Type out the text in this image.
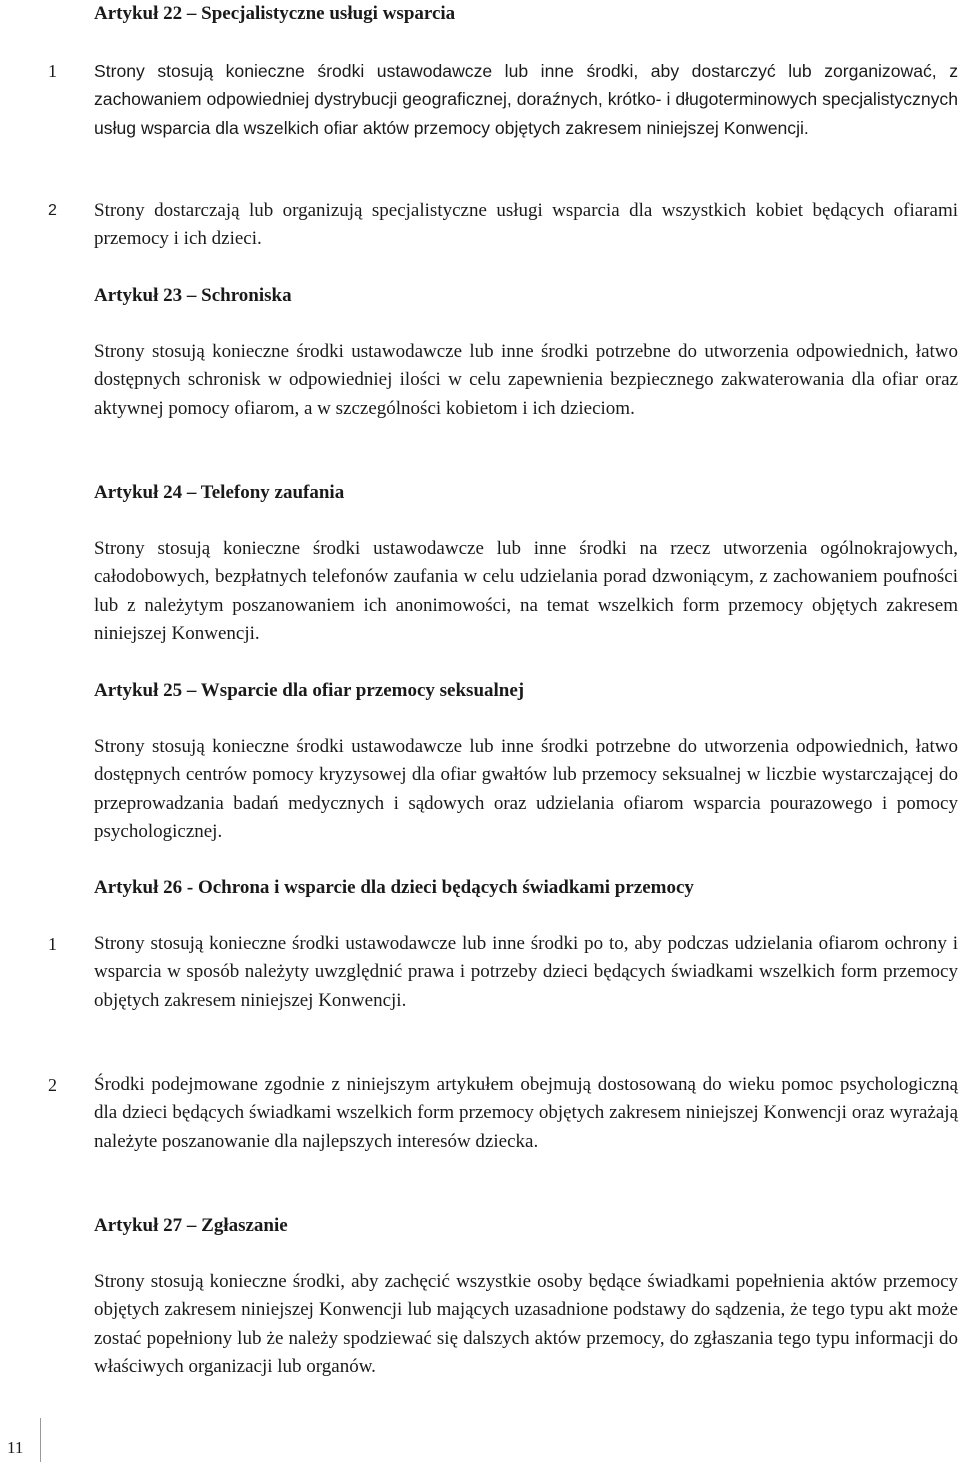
Artykuł 22 – Specjalistyczne usługi wsparcia
1	Strony stosują konieczne środki ustawodawcze lub inne środki, aby dostarczyć lub zorganizować, z zachowaniem odpowiedniej dystrybucji geograficznej, doraźnych, krótko- i długoterminowych specjalistycznych usług wsparcia dla wszelkich ofiar aktów przemocy objętych zakresem niniejszej Konwencji.
2	Strony dostarczają lub organizują specjalistyczne usługi wsparcia dla wszystkich kobiet będących ofiarami przemocy i ich dzieci.
Artykuł 23 – Schroniska
Strony stosują konieczne środki ustawodawcze lub inne środki potrzebne do utworzenia odpowiednich, łatwo dostępnych schronisk w odpowiedniej ilości w celu zapewnienia bezpiecznego zakwaterowania dla ofiar oraz aktywnej pomocy ofiarom, a w szczególności kobietom i ich dzieciom.
Artykuł 24 – Telefony zaufania
Strony stosują konieczne środki ustawodawcze lub inne środki na rzecz utworzenia ogólnokrajowych, całodobowych, bezpłatnych telefonów zaufania w celu udzielania porad dzwoniącym, z zachowaniem poufności lub z należytym poszanowaniem ich anonimowości, na temat wszelkich form przemocy objętych zakresem niniejszej Konwencji.
Artykuł 25 – Wsparcie dla ofiar przemocy seksualnej
Strony stosują konieczne środki ustawodawcze lub inne środki potrzebne do utworzenia odpowiednich, łatwo dostępnych centrów pomocy kryzysowej dla ofiar gwałtów lub przemocy seksualnej w liczbie wystarczającej do przeprowadzania badań medycznych i sądowych oraz udzielania ofiarom wsparcia pourazowego i pomocy psychologicznej.
Artykuł 26 - Ochrona i wsparcie dla dzieci będących świadkami przemocy
1	Strony stosują konieczne środki ustawodawcze lub inne środki po to, aby podczas udzielania ofiarom ochrony i wsparcia w sposób należyty uwzględnić prawa i potrzeby dzieci będących świadkami wszelkich form przemocy objętych zakresem niniejszej Konwencji.
2	Środki podejmowane zgodnie z niniejszym artykułem obejmują dostosowaną do wieku pomoc psychologiczną dla dzieci będących świadkami wszelkich form przemocy objętych zakresem niniejszej Konwencji oraz wyrażają należyte poszanowanie dla najlepszych interesów dziecka.
Artykuł 27 – Zgłaszanie
Strony stosują konieczne środki, aby zachęcić wszystkie osoby będące świadkami popełnienia aktów przemocy objętych zakresem niniejszej Konwencji lub mających uzasadnione podstawy do sądzenia, że tego typu akt może zostać popełniony lub że należy spodziewać się dalszych aktów przemocy, do zgłaszania tego typu informacji do właściwych organizacji lub organów.
11
